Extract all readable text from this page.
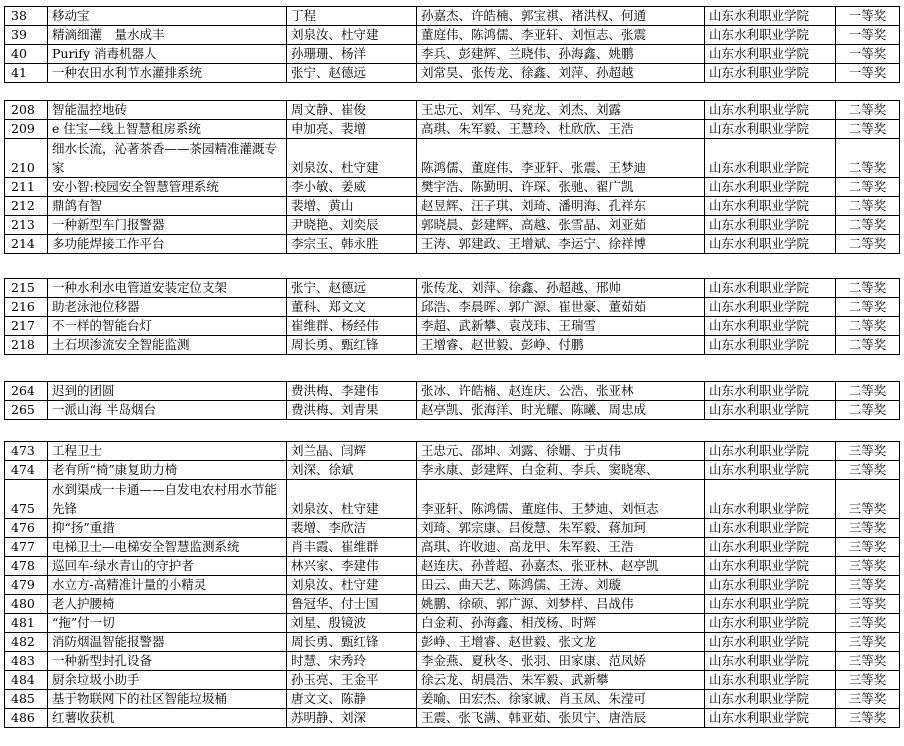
38	移动宝	丁程	孙嘉杰、许皓楠、郭宝祺、褚洪权、何通	山东水利职业学院	一等奖
39	精滴细灌　量水成丰	刘泉汝、杜守建	董庭伟、陈鸿儒、李亚轩、刘恒志、张震	山东水利职业学院	一等奖
40	Purify 消毒机器人	孙珊珊、杨洋	李兵、彭建辉、兰晓伟、孙海鑫、姚鹏	山东水利职业学院	一等奖
41	一种农田水利节水灌排系统	张宁、赵德远	刘常昊、张传龙、徐鑫、刘萍、孙超越	山东水利职业学院	一等奖
208	智能温控地砖	周文静、崔俊	王忠元、刘军、马兖龙、刘杰、刘露	山东水利职业学院	二等奖
209	e 住宝—线上智慧租房系统	申加亮、裴增	高琪、朱军毅、王慧玲、杜欣欣、王浩	山东水利职业学院	二等奖
210	细水长流，沁著茶香——茶园精准灌溉专家	刘泉汝、杜守建	陈鸿儒、董庭伟、李亚轩、张震、王梦迪	山东水利职业学院	二等奖
211	安小智:校园安全智慧管理系统	李小敏、姜威	樊宇浩、陈勤明、许琛、张驰、翟广凯	山东水利职业学院	二等奖
212	鼎鸽有智	裴增、黄山	赵昱辉、汪子琪、刘琦、潘明海、孔祥东	山东水利职业学院	二等奖
213	一种新型车门报警器	尹晓艳、刘奕辰	郭晓晨、彭建辉、高越、张雪晶、刘亚茹	山东水利职业学院	二等奖
214	多功能焊接工作平台	李宗玉、韩永胜	王涛、郭建政、王增斌、李运宁、徐祥博	山东水利职业学院	二等奖
215	一种水利水电管道安装定位支架	张宁、赵德远	张传龙、刘萍、徐鑫、孙超越、邢帅	山东水利职业学院	二等奖
216	助老泳池位移器	董科、郑文文	邱浩、李晨晖、郭广源、崔世豪、董茹茹	山东水利职业学院	二等奖
217	不一样的智能台灯	崔维群、杨经伟	李超、武新攀、袁茂玮、王瑞雪	山东水利职业学院	二等奖
218	土石坝渗流安全智能监测	周长勇、甄红锋	王增睿、赵世毅、彭峥、付鹏	山东水利职业学院	二等奖
264	迟到的团圆	费洪梅、李建伟	张冰、许皓楠、赵连庆、公浩、张亚林	山东水利职业学院	二等奖
265	一派山海 半岛烟台	费洪梅、刘青果	赵亭凯、张海洋、时光耀、陈曦、周忠成	山东水利职业学院	二等奖
473	工程卫士	刘兰晶、闫辉	王忠元、邵坤、刘露、徐姗、于贞伟	山东水利职业学院	三等奖
474	老有所“椅”康复助力椅	刘深、徐斌	李永康、彭建辉、白金莉、李兵、窦晓寒、	山东水利职业学院	三等奖
475	水到渠成一卡通——自发电农村用水节能先锋	刘泉汝、杜守建	李亚轩、陈鸿儒、董庭伟、王梦迪、刘恒志	山东水利职业学院	三等奖
476	抑“扬”重措	裴增、李欣洁	刘琦、郭宗康、吕俊慧、朱军毅、蒋加珂	山东水利职业学院	三等奖
477	电梯卫士—电梯安全智慧监测系统	肖丰霞、崔维群	高琪、许收迪、高龙甲、朱军毅、王浩	山东水利职业学院	三等奖
478	巡回车-绿水青山的守护者	林兴家、李建伟	赵连庆、孙普超、孙嘉杰、张亚林、赵亭凯	山东水利职业学院	三等奖
479	水立方-高精准计量的小精灵	刘泉汝、杜守建	田云、曲天艺、陈鸿儒、王涛、刘璇	山东水利职业学院	三等奖
480	老人护腰椅	鲁冠华、付士国	姚鹏、徐硕、郭广源、刘梦样、吕战伟	山东水利职业学院	三等奖
481	“拖”付一切	刘星、殷镜波	白金莉、孙海鑫、相茂杨、时辉	山东水利职业学院	三等奖
482	消防烟温智能报警器	周长勇、甄红锋	彭峥、王增睿、赵世毅、张文龙	山东水利职业学院	三等奖
483	一种新型封孔设备	时慧、宋秀玲	李金燕、夏秋冬、张羽、田家康、范凤娇	山东水利职业学院	三等奖
484	厨余垃圾小助手	孙玉亮、王金平	徐云龙、胡晨浩、朱军毅、武新攀	山东水利职业学院	三等奖
485	基于物联网下的社区智能垃圾桶	唐文文、陈静	姜喻、田宏杰、徐家诚、肖玉凤、朱滢可	山东水利职业学院	三等奖
486	红薯收获机	苏明静、刘深	王震、张飞满、韩亚茹、张贝宁、唐浩辰	山东水利职业学院	三等奖
